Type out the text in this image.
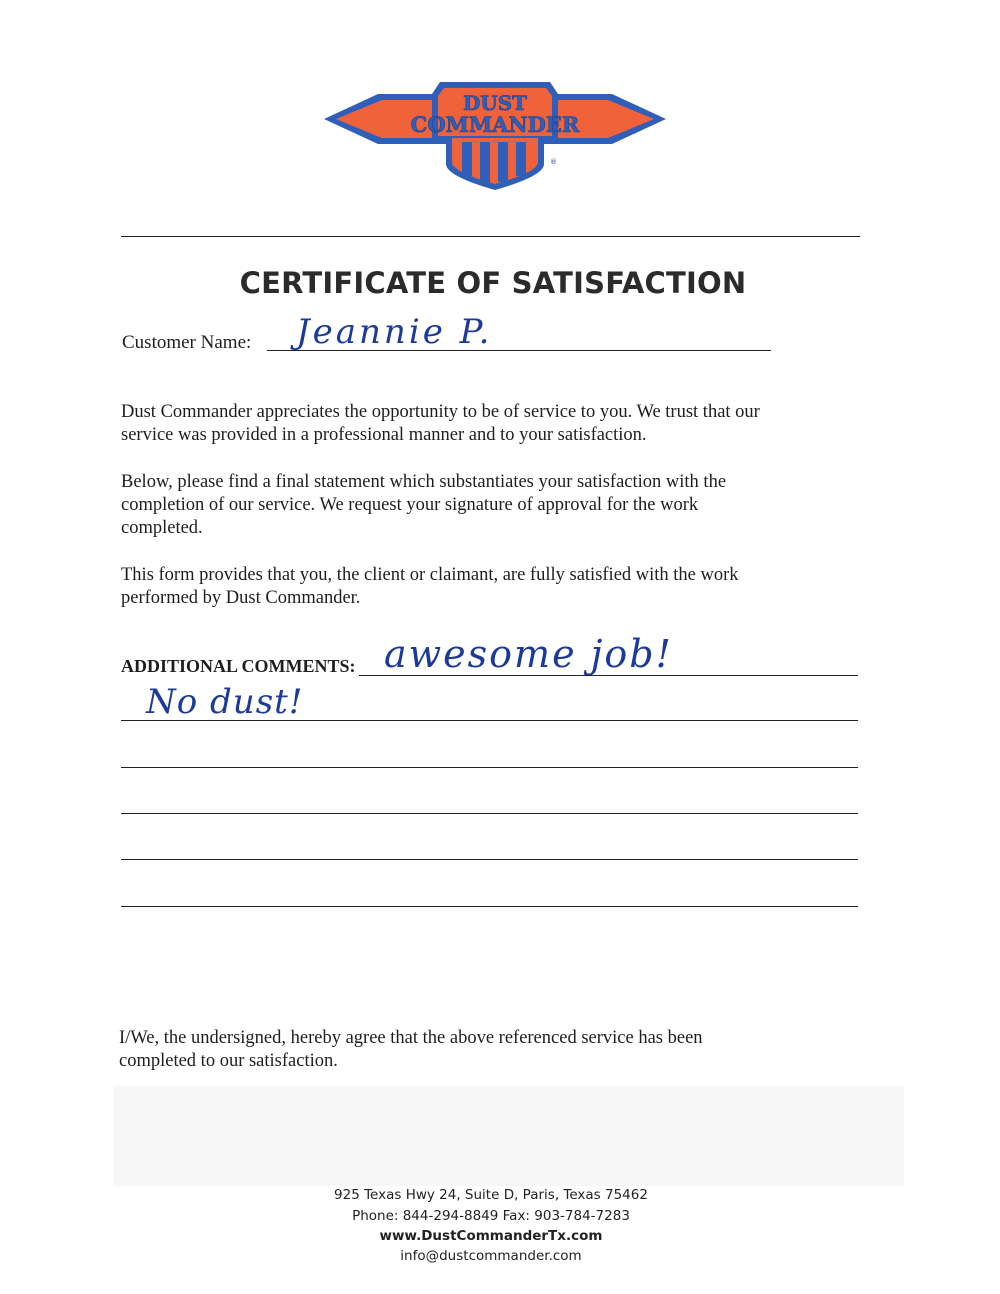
DUST
COMMANDER
®
CERTIFICATE OF SATISFACTION
Customer Name: Jeannie P.
Dust Commander appreciates the opportunity to be of service to you. We trust that our
service was provided in a professional manner and to your satisfaction.
Below, please find a final statement which substantiates your satisfaction with the
completion of our service. We request your signature of approval for the work
completed.
This form provides that you, the client or claimant, are fully satisfied with the work
performed by Dust Commander.
ADDITIONAL COMMENTS: awesome job!
No dust!
I/We, the undersigned, hereby agree that the above referenced service has been
completed to our satisfaction.
925 Texas Hwy 24, Suite D, Paris, Texas 75462
Phone: 844-294-8849 Fax: 903-784-7283
www.DustCommanderTx.com
info@dustcommander.com
